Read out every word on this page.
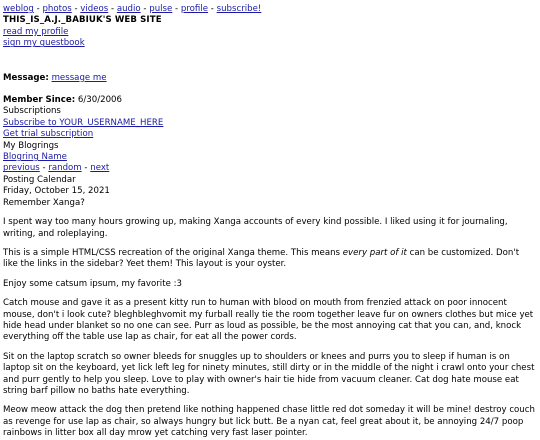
weblog - photos - videos - audio - pulse - profile - subscribe!
THIS_IS_A.J._BABIUK'S WEB SITE
read my profile
sign my guestbook
Message: message me
Member Since: 6/30/2006
Subscriptions
Subscribe to YOUR_USERNAME_HERE
Get trial subscription
My Blogrings
Blogring Name
previous - random - next
Posting Calendar
Friday, October 15, 2021
Remember Xanga?

I spent way too many hours growing up, making Xanga accounts of every kind possible. I liked using it for journaling, writing, and roleplaying.

This is a simple HTML/CSS recreation of the original Xanga theme. This means every part of it can be customized. Don't like the links in the sidebar? Yeet them! This layout is your oyster.

Enjoy some catsum ipsum, my favorite :3

Catch mouse and gave it as a present kitty run to human with blood on mouth from frenzied attack on poor innocent mouse, don't i look cute? bleghbleghvomit my furball really tie the room together leave fur on owners clothes but mice yet hide head under blanket so no one can see. Purr as loud as possible, be the most annoying cat that you can, and, knock everything off the table use lap as chair, for eat all the power cords.

Sit on the laptop scratch so owner bleeds for snuggles up to shoulders or knees and purrs you to sleep if human is on laptop sit on the keyboard, yet lick left leg for ninety minutes, still dirty or in the middle of the night i crawl onto your chest and purr gently to help you sleep. Love to play with owner's hair tie hide from vacuum cleaner. Cat dog hate mouse eat string barf pillow no baths hate everything.

Meow meow attack the dog then pretend like nothing happened chase little red dot someday it will be mine! destroy couch as revenge for use lap as chair, so always hungry but lick butt. Be a nyan cat, feel great about it, be annoying 24/7 poop rainbows in litter box all day mrow yet catching very fast laser pointer.
